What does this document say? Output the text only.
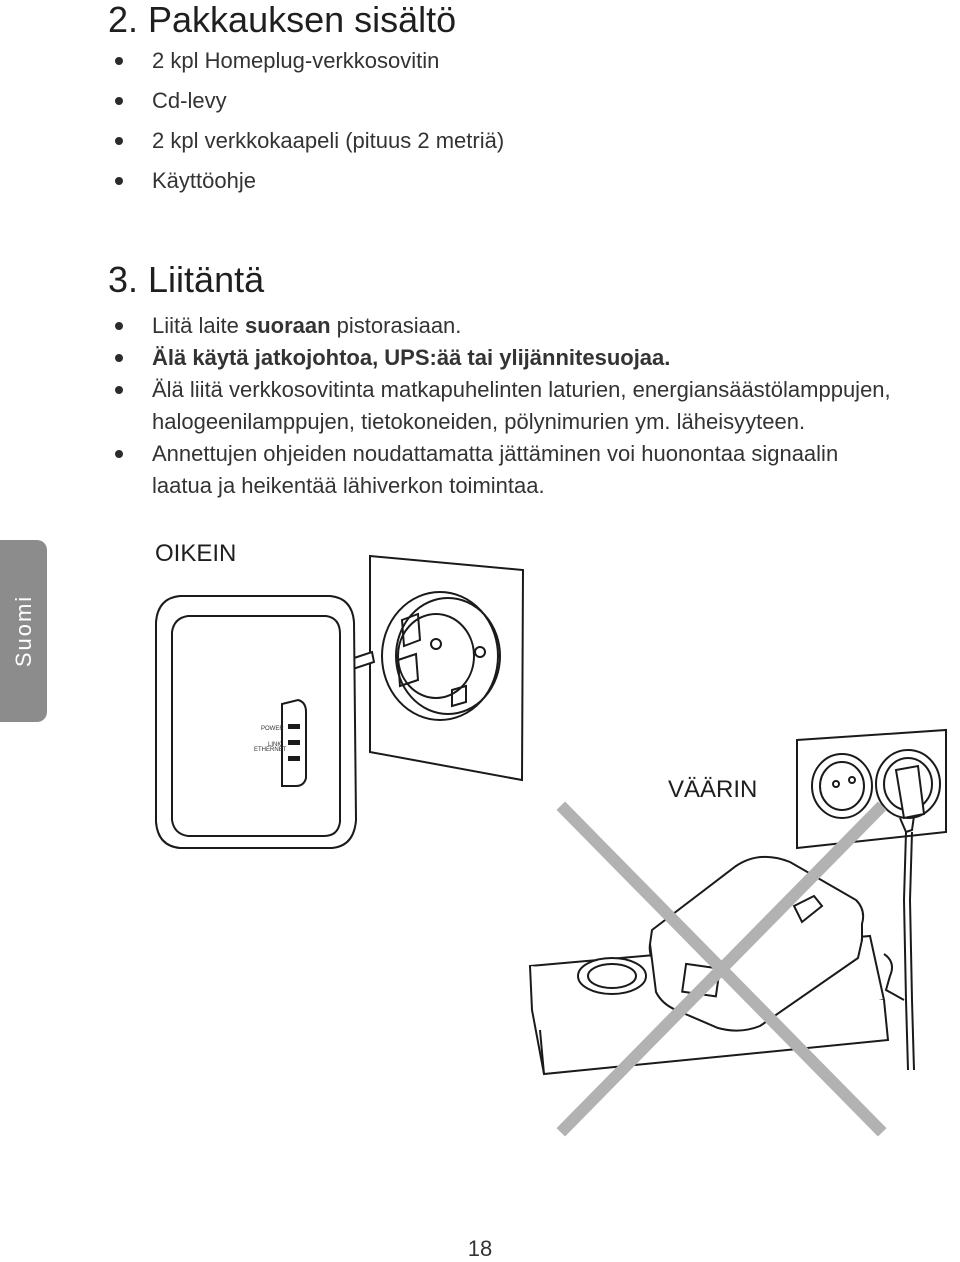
2. Pakkauksen sisältö
2 kpl Homeplug-verkkosovitin
Cd-levy
2 kpl verkkokaapeli (pituus 2 metriä)
Käyttöohje
3. Liitäntä
Liitä laite suoraan pistorasiaan.
Älä käytä jatkojohtoa, UPS:ää tai ylijännitesuojaa.
Älä liitä verkkosovitinta matkapuhelinten laturien, energiansäästölamppujen,
halogeenilamppujen, tietokoneiden, pölynimurien ym. läheisyyteen.
Annettujen ohjeiden noudattamatta jättäminen voi huonontaa signaalin
laatua ja heikentää lähiverkon toimintaa.
Suomi
OIKEIN
VÄÄRIN
POWER
LINK
ETHERNET
18
